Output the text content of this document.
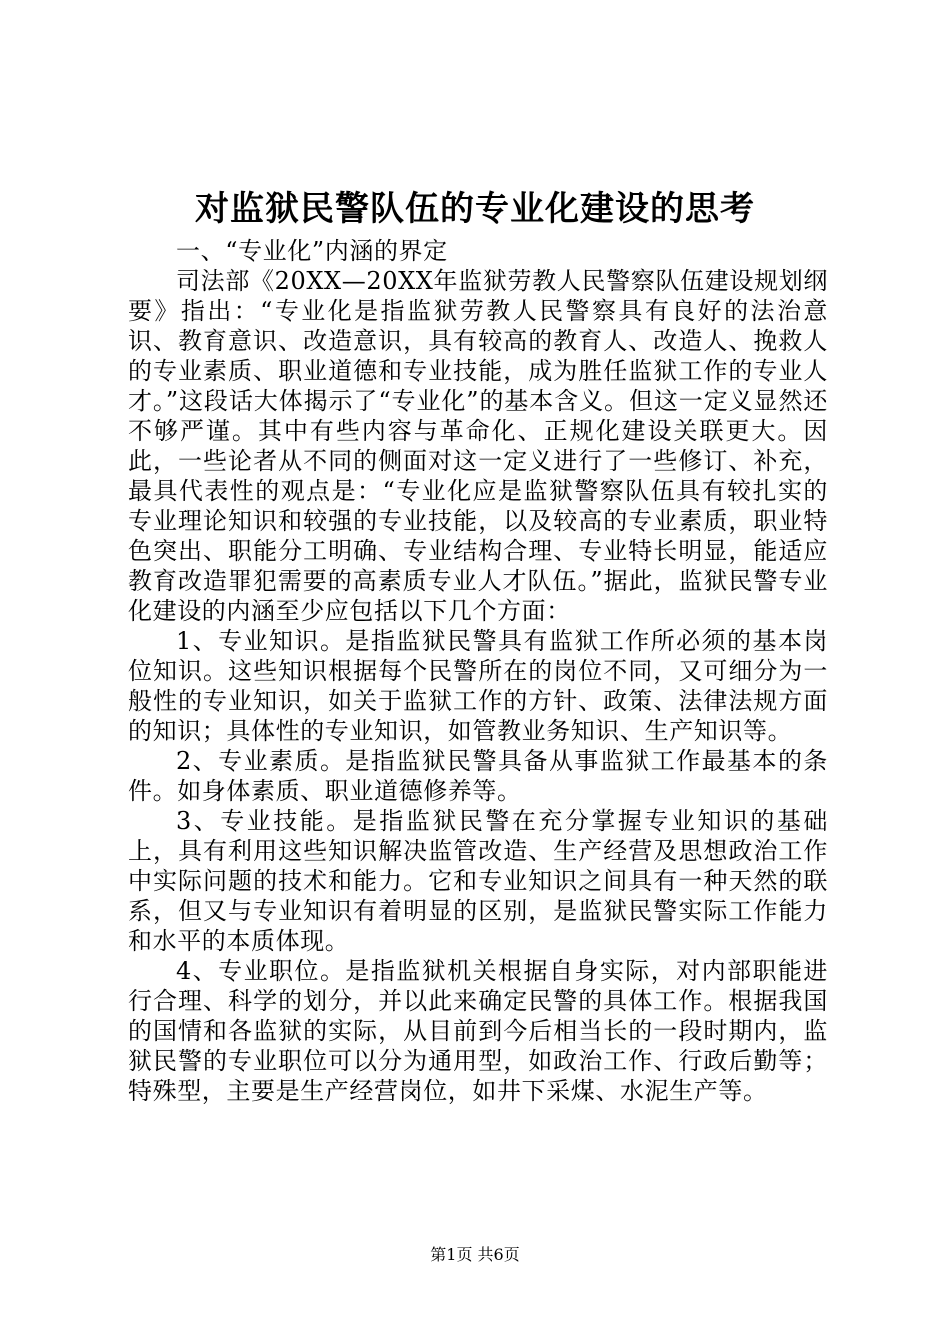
对监狱民警队伍的专业化建设的思考

一、“专业化”内涵的界定

司法部《20XX—20XX年监狱劳教人民警察队伍建设规划纲要》指出：“专业化是指监狱劳教人民警察具有良好的法治意识、教育意识、改造意识，具有较高的教育人、改造人、挽救人的专业素质、职业道德和专业技能，成为胜任监狱工作的专业人才。”这段话大体揭示了“专业化”的基本含义。但这一定义显然还不够严谨。其中有些内容与革命化、正规化建设关联更大。因此，一些论者从不同的侧面对这一定义进行了一些修订、补充，最具代表性的观点是：“专业化应是监狱警察队伍具有较扎实的专业理论知识和较强的专业技能，以及较高的专业素质，职业特色突出、职能分工明确、专业结构合理、专业特长明显，能适应教育改造罪犯需要的高素质专业人才队伍。”据此，监狱民警专业化建设的内涵至少应包括以下几个方面：

1、专业知识。是指监狱民警具有监狱工作所必须的基本岗位知识。这些知识根据每个民警所在的岗位不同，又可细分为一般性的专业知识，如关于监狱工作的方针、政策、法律法规方面的知识；具体性的专业知识，如管教业务知识、生产知识等。

2、专业素质。是指监狱民警具备从事监狱工作最基本的条件。如身体素质、职业道德修养等。

3、专业技能。是指监狱民警在充分掌握专业知识的基础上，具有利用这些知识解决监管改造、生产经营及思想政治工作中实际问题的技术和能力。它和专业知识之间具有一种天然的联系，但又与专业知识有着明显的区别，是监狱民警实际工作能力和水平的本质体现。

4、专业职位。是指监狱机关根据自身实际，对内部职能进行合理、科学的划分，并以此来确定民警的具体工作。根据我国的国情和各监狱的实际，从目前到今后相当长的一段时期内，监狱民警的专业职位可以分为通用型，如政治工作、行政后勤等；特殊型，主要是生产经营岗位，如井下采煤、水泥生产等。

第1页 共6页
